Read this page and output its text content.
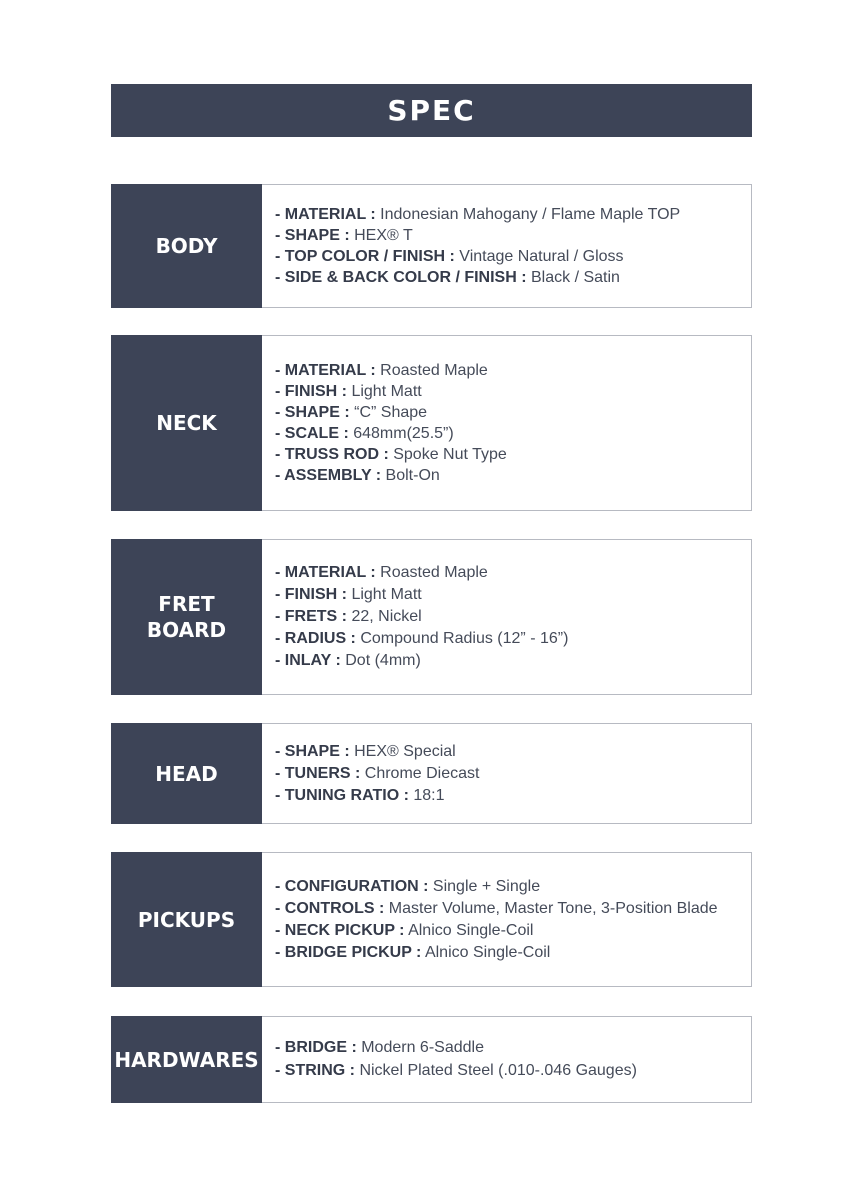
SPEC
BODY
- MATERIAL : Indonesian Mahogany / Flame Maple TOP
- SHAPE : HEX® T
- TOP COLOR / FINISH : Vintage Natural / Gloss
- SIDE & BACK COLOR / FINISH : Black / Satin
NECK
- MATERIAL : Roasted Maple
- FINISH : Light Matt
- SHAPE : “C” Shape
- SCALE : 648mm(25.5”)
- TRUSS ROD : Spoke Nut Type
- ASSEMBLY : Bolt-On
FRET
BOARD
- MATERIAL : Roasted Maple
- FINISH : Light Matt
- FRETS : 22, Nickel
- RADIUS : Compound Radius (12” - 16”)
- INLAY : Dot (4mm)
HEAD
- SHAPE : HEX® Special
- TUNERS : Chrome Diecast
- TUNING RATIO : 18:1
PICKUPS
- CONFIGURATION : Single + Single
- CONTROLS : Master Volume, Master Tone, 3-Position Blade
- NECK PICKUP : Alnico Single-Coil
- BRIDGE PICKUP : Alnico Single-Coil
HARDWARES - BRIDGE : Modern 6-Saddle
- STRING : Nickel Plated Steel (.010-.046 Gauges)
